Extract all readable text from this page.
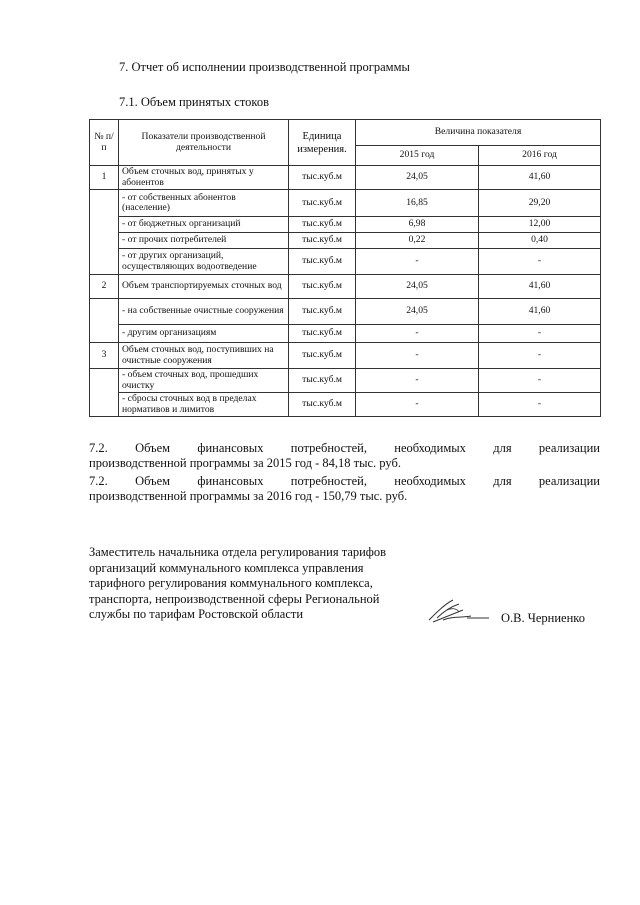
7. Отчет об исполнении производственной программы
7.1. Объем принятых стоков
№ п/п	Показатели производственной деятельности	Единица измерения.	Величина показателя	
			2015 год	2016 год
1	Объем сточных вод, принятых у абонентов	тыс.куб.м	24,05	41,60
	- от собственных абонентов (население)	тыс.куб.м	16,85	29,20
	- от бюджетных организаций	тыс.куб.м	6,98	12,00
	- от прочих потребителей	тыс.куб.м	0,22	0,40
	- от других организаций, осуществляющих водоотведение	тыс.куб.м	-	-
2	Объем транспортируемых сточных вод	тыс.куб.м	24,05	41,60
	- на собственные очистные сооружения	тыс.куб.м	24,05	41,60
	- другим организациям	тыс.куб.м	-	-
3	Объем сточных вод, поступивших на очистные сооружения	тыс.куб.м	-	-
	- объем сточных вод, прошедших очистку	тыс.куб.м	-	-
	- сбросы сточных вод в пределах нормативов и лимитов	тыс.куб.м	-	-
7.2. Объем финансовых потребностей, необходимых для реализации
производственной программы за 2015 год - 84,18 тыс. руб.
7.2. Объем финансовых потребностей, необходимых для реализации
производственной программы за 2016 год - 150,79 тыс. руб.
Заместитель начальника отдела регулирования тарифов
организаций коммунального комплекса управления
тарифного регулирования коммунального комплекса,
транспорта, непроизводственной сферы Региональной
службы по тарифам Ростовской области	О.В. Черниенко
